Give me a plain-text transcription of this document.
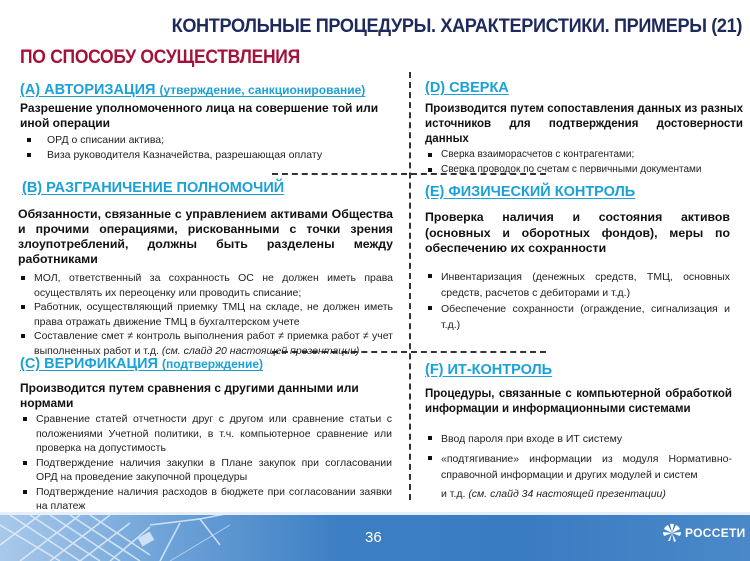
КОНТРОЛЬНЫЕ ПРОЦЕДУРЫ. ХАРАКТЕРИСТИКИ. ПРИМЕРЫ (21)
ПО СПОСОБУ ОСУЩЕСТВЛЕНИЯ
(А) АВТОРИЗАЦИЯ (утверждение, санкционирование)
Разрешение уполномоченного лица на совершение той или иной операции
ОРД о списании актива;
Виза руководителя Казначейства, разрешающая оплату
(В) РАЗГРАНИЧЕНИЕ ПОЛНОМОЧИЙ
Обязанности, связанные с управлением активами Общества и прочими операциями, рискованными с точки зрения злоупотреблений, должны быть разделены между работниками
МОЛ, ответственный за сохранность ОС не должен иметь права осуществлять их переоценку или проводить списание;
Работник, осуществляющий приемку ТМЦ на складе, не должен иметь права отражать движение ТМЦ в бухгалтерском учете
Составление смет ≠ контроль выполнения работ ≠ приемка работ ≠ учет выполненных работ и т.д. (см. слайд 20 настоящей презентации)
(С) ВЕРИФИКАЦИЯ (подтверждение)
Производится путем сравнения с другими данными или нормами
Сравнение статей отчетности друг с другом или сравнение статьи с положениями Учетной политики, в т.ч. компьютерное сравнение или проверка на допустимость
Подтверждение наличия закупки в Плане закупок при согласовании ОРД на проведение закупочной процедуры
Подтверждение наличия расходов в бюджете при согласовании заявки на платеж
(D) СВЕРКА
Производится путем сопоставления данных из разных источников для подтверждения достоверности данных
Сверка взаиморасчетов с контрагентами;
Сверка проводок по счетам с первичными документами
(Е) ФИЗИЧЕСКИЙ КОНТРОЛЬ
Проверка наличия и состояния активов (основных и оборотных фондов), меры по обеспечению их сохранности
Инвентаризация (денежных средств, ТМЦ, основных средств, расчетов с дебиторами и т.д.)
Обеспечение сохранности (ограждение, сигнализация и т.д.)
(F) ИТ-КОНТРОЛЬ
Процедуры, связанные с компьютерной обработкой информации и информационными системами
Ввод пароля при входе в ИТ систему
«подтягивание» информации из модуля Нормативно-справочной информации и других модулей и систем
и т.д. (см. слайд 34 настоящей презентации)
36	РОССЕТИ
